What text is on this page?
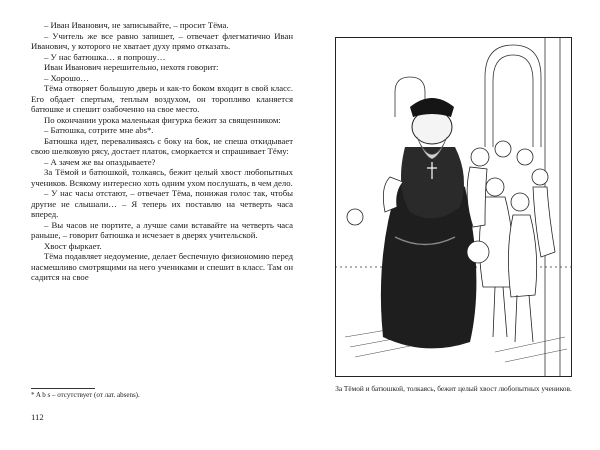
– Иван Иванович, не записывайте, – просит Тёма.

– Учитель же все равно запишет, – отвечает флегматично Иван Иванович, у которого не хватает духу прямо отказать.

– У нас батюшка… я попрошу…

Иван Иванович нерешительно, нехотя говорит:

– Хорошо…

Тёма отворяет большую дверь и как-то боком входит в свой класс. Его обдает спертым, теплым воздухом, он торопливо кланяется батюшке и спешит озабоченно на свое место.

По окончании урока маленькая фигурка бежит за священником:

– Батюшка, сотрите мне abs*.

Батюшка идет, переваливаясь с боку на бок, не спеша откидывает свою шелковую рясу, достает платок, сморкается и спрашивает Тёму:

– А зачем же вы опаздываете?

За Тёмой и батюшкой, толкаясь, бежит целый хвост любопытных учеников. Всякому интересно хоть одним ухом послушать, в чем дело.

– У нас часы отстают, – отвечает Тёма, понижая голос так, чтобы другие не слышали… – Я теперь их поставлю на четверть часа вперед.

– Вы часов не портите, а лучше сами вставайте на четверть часа раньше, – говорит батюшка и исчезает в дверях учительской.

Хвост фыркает.

Тёма подавляет недоумение, делает беспечную физиономию перед насмешливо смотрящими на него учениками и спешит в класс. Там он садится на свое

* A b s – отсутствует (от лат. absens).
112
За Тёмой и батюшкой, толкаясь, бежит целый хвост любопытных учеников.
